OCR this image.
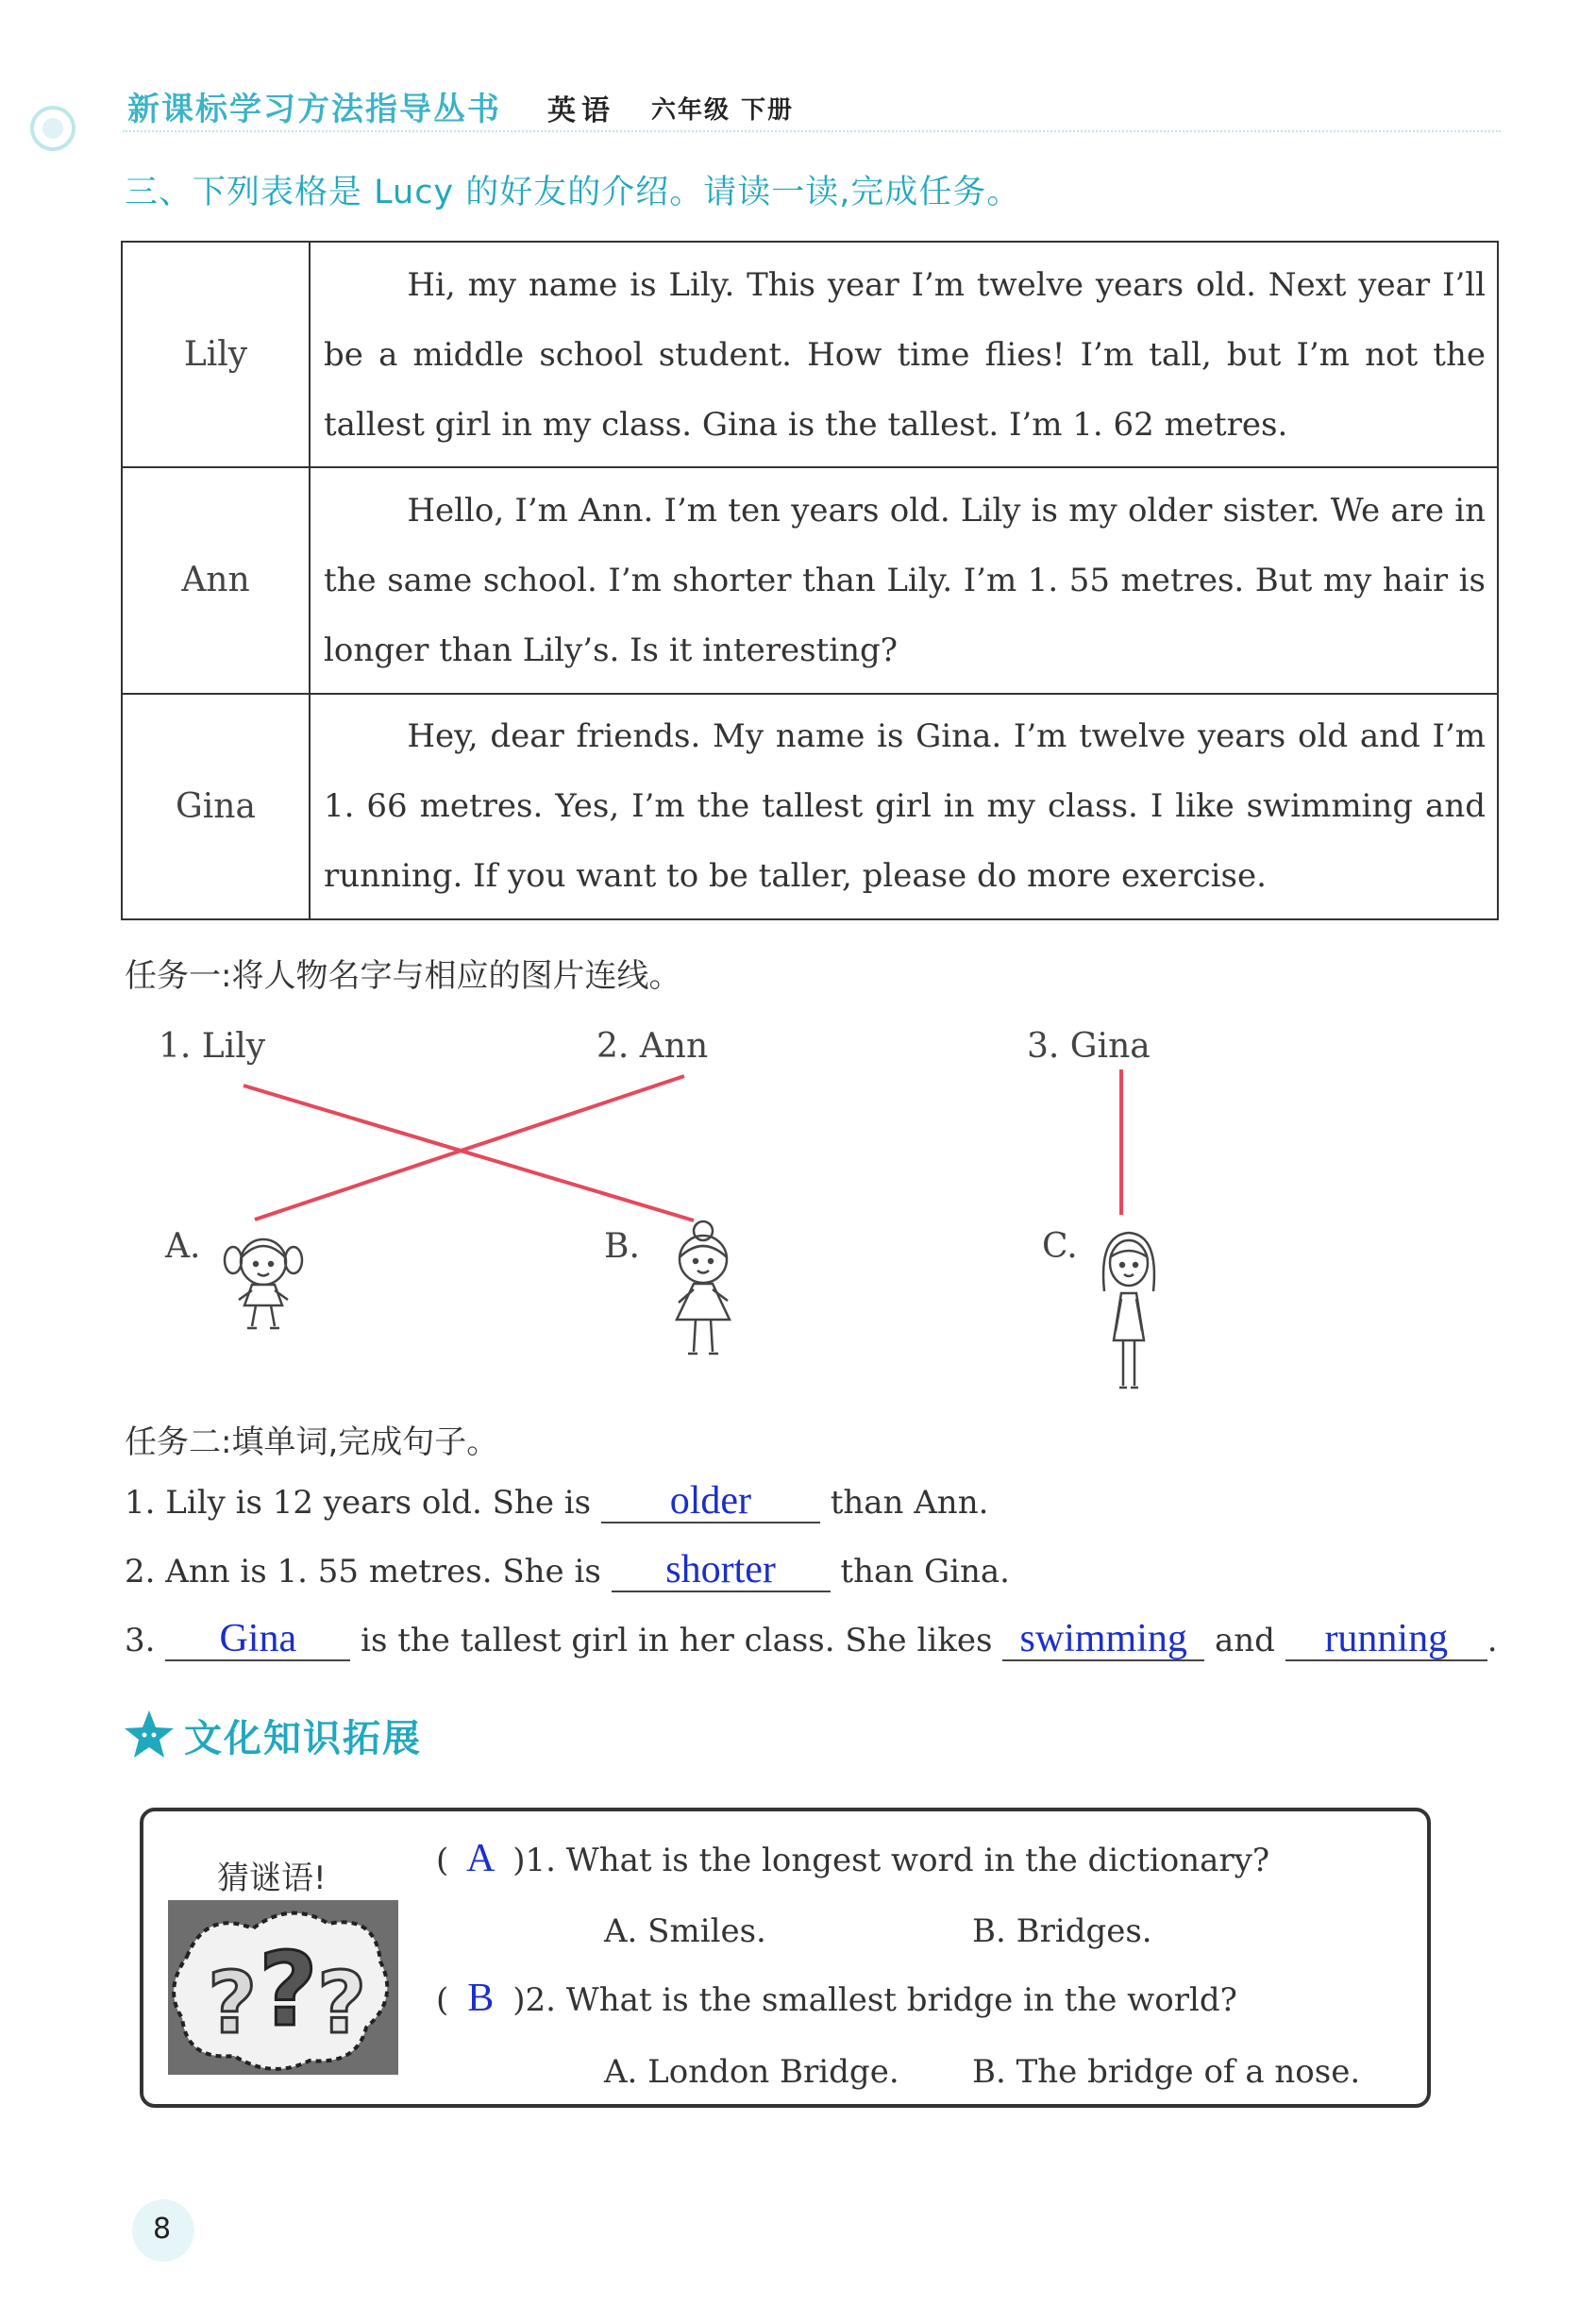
新课标学习方法指导丛书 英语 六年级 下册
三、下列表格是 Lucy 的好友的介绍。请读一读,完成任务。
Lily	Hi, my name is Lily. This year I’m twelve years old. Next year I’ll be a middle school student. How time flies! I’m tall, but I’m not the tallest girl in my class. Gina is the tallest. I’m 1. 62 metres.
Ann	Hello, I’m Ann. I’m ten years old. Lily is my older sister. We are in the same school. I’m shorter than Lily. I’m 1. 55 metres. But my hair is longer than Lily’s. Is it interesting?
Gina	Hey, dear friends. My name is Gina. I’m twelve years old and I’m 1. 66 metres. Yes, I’m the tallest girl in my class. I like swimming and running. If you want to be taller, please do more exercise.
任务一:将人物名字与相应的图片连线。
1. Lily	2. Ann	3. Gina
A.	B.	C.
任务二:填单词,完成句子。
1. Lily is 12 years old. She is older than Ann.
2. Ann is 1. 55 metres. She is shorter than Gina.
3. Gina is the tallest girl in her class. She likes swimming and running .
文化知识拓展
猜谜语!
? ? ?
( A )1. What is the longest word in the dictionary?
A. Smiles.	B. Bridges.
( B )2. What is the smallest bridge in the world?
A. London Bridge. B. The bridge of a nose.
8
